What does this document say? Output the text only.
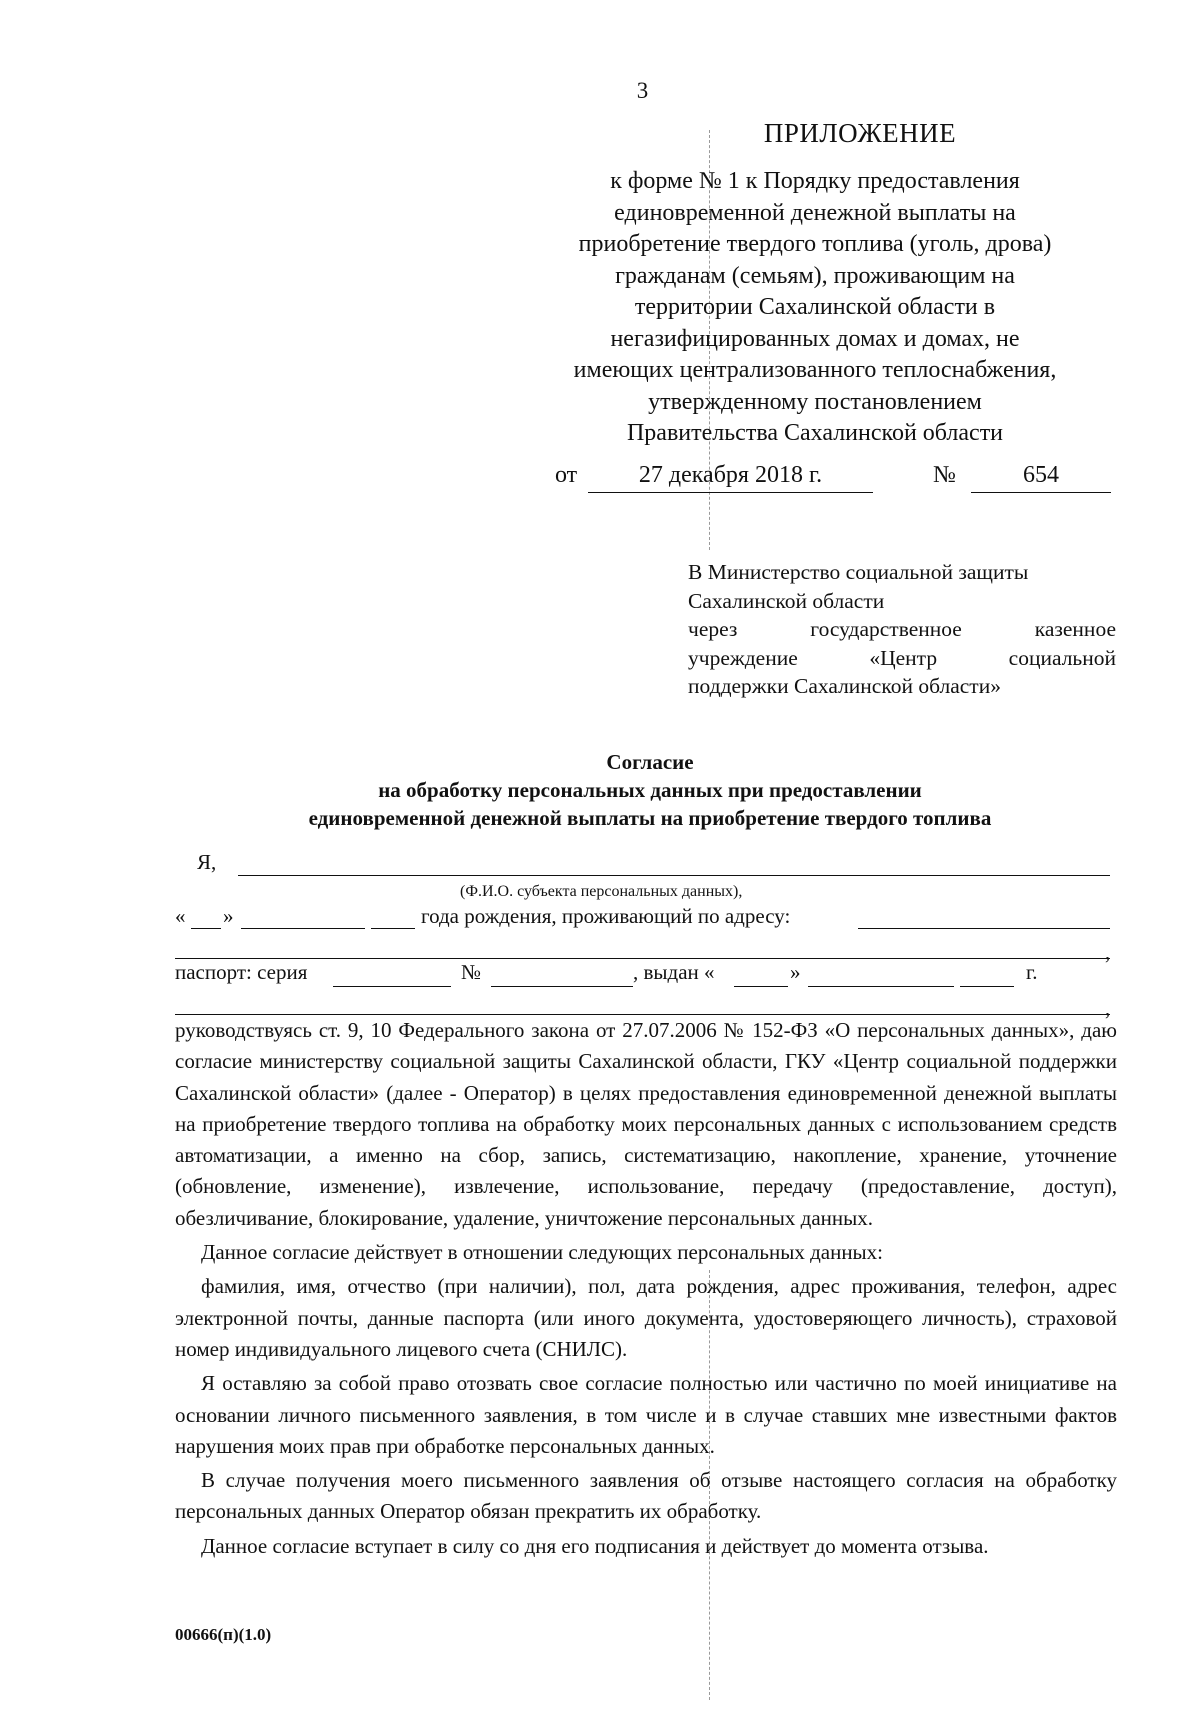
3
ПРИЛОЖЕНИЕ
к форме № 1 к Порядку предоставления
единовременной денежной выплаты на
приобретение твердого топлива (уголь, дрова)
гражданам (семьям), проживающим на
территории Сахалинской области в
негазифицированных домах и домах, не
имеющих централизованного теплоснабжения,
утвержденному постановлением
Правительства Сахалинской области
от	27 декабря 2018 г.	№	654
В Министерство социальной защиты
Сахалинской области
через государственное казенное
учреждение «Центр социальной
поддержки Сахалинской области»
Согласие
на обработку персональных данных при предоставлении
единовременной денежной выплаты на приобретение твердого топлива
Я,
(Ф.И.О. субъекта персональных данных),
« »	года рождения, проживающий по адресу:
,
паспорт: серия	№	, выдан «	»	г.
,

руководствуясь ст. 9, 10 Федерального закона от 27.07.2006 № 152-ФЗ «О персональных данных», даю согласие министерству социальной защиты Сахалинской области, ГКУ «Центр социальной поддержки Сахалинской области» (далее - Оператор) в целях предоставления единовременной денежной выплаты на приобретение твердого топлива на обработку моих персональных данных с использованием средств автоматизации, а именно на сбор, запись, систематизацию, накопление, хранение, уточнение (обновление, изменение), извлечение, использование, передачу (предоставление, доступ), обезличивание, блокирование, удаление, уничтожение персональных данных.

Данное согласие действует в отношении следующих персональных данных:

фамилия, имя, отчество (при наличии), пол, дата рождения, адрес проживания, телефон, адрес электронной почты, данные паспорта (или иного документа, удостоверяющего личность), страховой номер индивидуального лицевого счета (СНИЛС).

Я оставляю за собой право отозвать свое согласие полностью или частично по моей инициативе на основании личного письменного заявления, в том числе и в случае ставших мне известными фактов нарушения моих прав при обработке персональных данных.

В случае получения моего письменного заявления об отзыве настоящего согласия на обработку персональных данных Оператор обязан прекратить их обработку.

Данное согласие вступает в силу со дня его подписания и действует до момента отзыва.

00666(п)(1.0)
